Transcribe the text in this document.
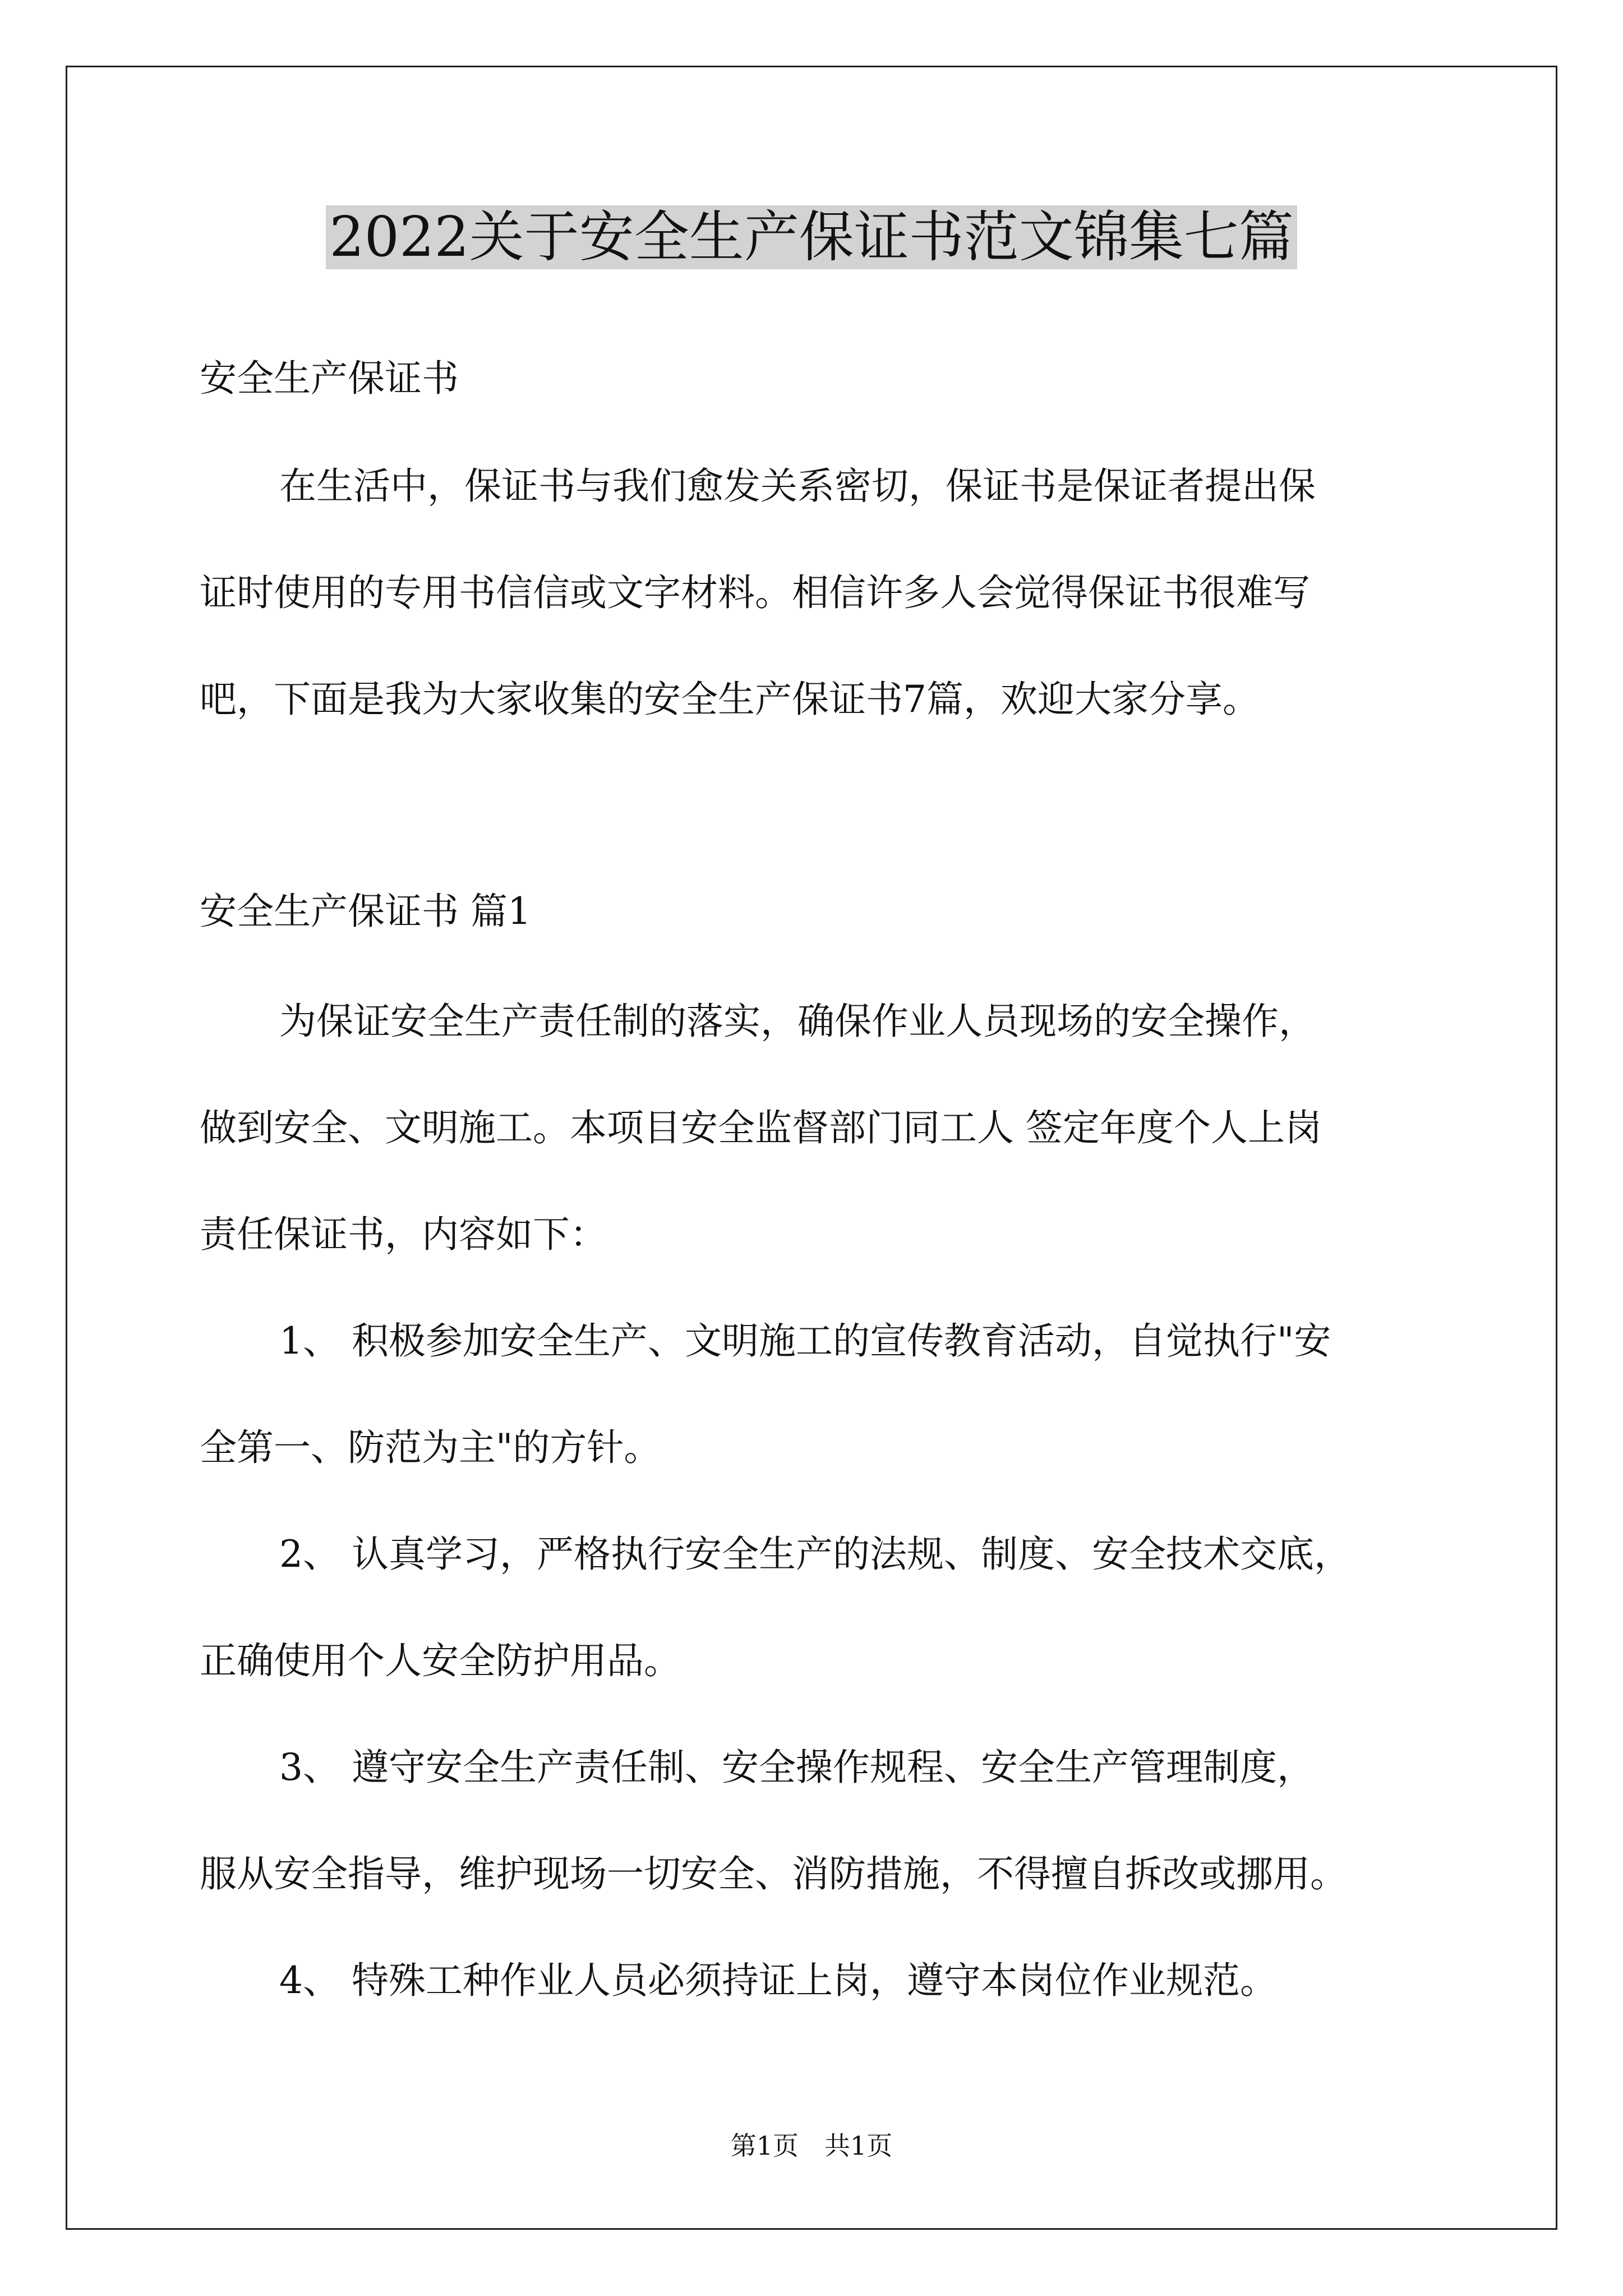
2022关于安全生产保证书范文锦集七篇

安全生产保证书

在生活中，保证书与我们愈发关系密切，保证书是保证者提出保

证时使用的专用书信信或文字材料。相信许多人会觉得保证书很难写

吧，下面是我为大家收集的安全生产保证书7篇，欢迎大家分享。

安全生产保证书 篇1

为保证安全生产责任制的落实，确保作业人员现场的安全操作，

做到安全、文明施工。本项目安全监督部门同工人 签定年度个人上岗

责任保证书，内容如下：

1、 积极参加安全生产、文明施工的宣传教育活动，自觉执行"安

全第一、防范为主"的方针。

2、 认真学习，严格执行安全生产的法规、制度、安全技术交底，

正确使用个人安全防护用品。

3、 遵守安全生产责任制、安全操作规程、安全生产管理制度，

服从安全指导，维护现场一切安全、消防措施，不得擅自拆改或挪用。

4、 特殊工种作业人员必须持证上岗，遵守本岗位作业规范。

第1页　共1页
